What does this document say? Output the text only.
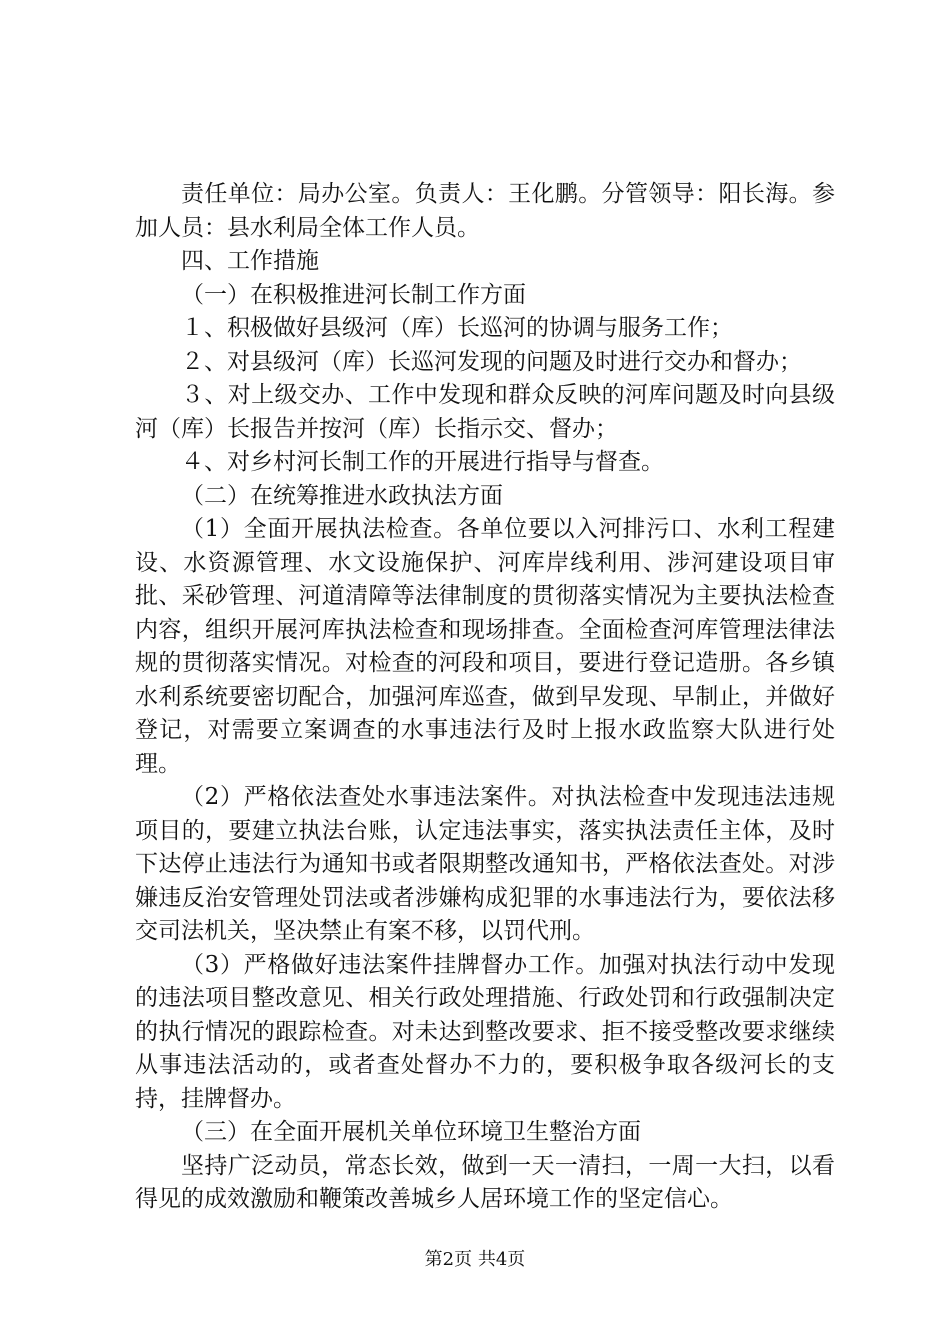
责任单位：局办公室。负责人：王化鹏。分管领导：阳长海。参加人员：县水利局全体工作人员。

四、工作措施

（一）在积极推进河长制工作方面

１、积极做好县级河（库）长巡河的协调与服务工作；

２、对县级河（库）长巡河发现的问题及时进行交办和督办；

３、对上级交办、工作中发现和群众反映的河库问题及时向县级河（库）长报告并按河（库）长指示交、督办；

４、对乡村河长制工作的开展进行指导与督查。

（二）在统筹推进水政执法方面

（1）全面开展执法检查。各单位要以入河排污口、水利工程建设、水资源管理、水文设施保护、河库岸线利用、涉河建设项目审批、采砂管理、河道清障等法律制度的贯彻落实情况为主要执法检查内容，组织开展河库执法检查和现场排查。全面检查河库管理法律法规的贯彻落实情况。对检查的河段和项目，要进行登记造册。各乡镇水利系统要密切配合，加强河库巡查，做到早发现、早制止，并做好登记，对需要立案调查的水事违法行及时上报水政监察大队进行处理。

（2）严格依法查处水事违法案件。对执法检查中发现违法违规项目的，要建立执法台账，认定违法事实，落实执法责任主体，及时下达停止违法行为通知书或者限期整改通知书，严格依法查处。对涉嫌违反治安管理处罚法或者涉嫌构成犯罪的水事违法行为，要依法移交司法机关，坚决禁止有案不移，以罚代刑。

（3）严格做好违法案件挂牌督办工作。加强对执法行动中发现的违法项目整改意见、相关行政处理措施、行政处罚和行政强制决定的执行情况的跟踪检查。对未达到整改要求、拒不接受整改要求继续从事违法活动的，或者查处督办不力的，要积极争取各级河长的支持，挂牌督办。

（三）在全面开展机关单位环境卫生整治方面

坚持广泛动员，常态长效，做到一天一清扫，一周一大扫，以看得见的成效激励和鞭策改善城乡人居环境工作的坚定信心。

第2页 共4页
